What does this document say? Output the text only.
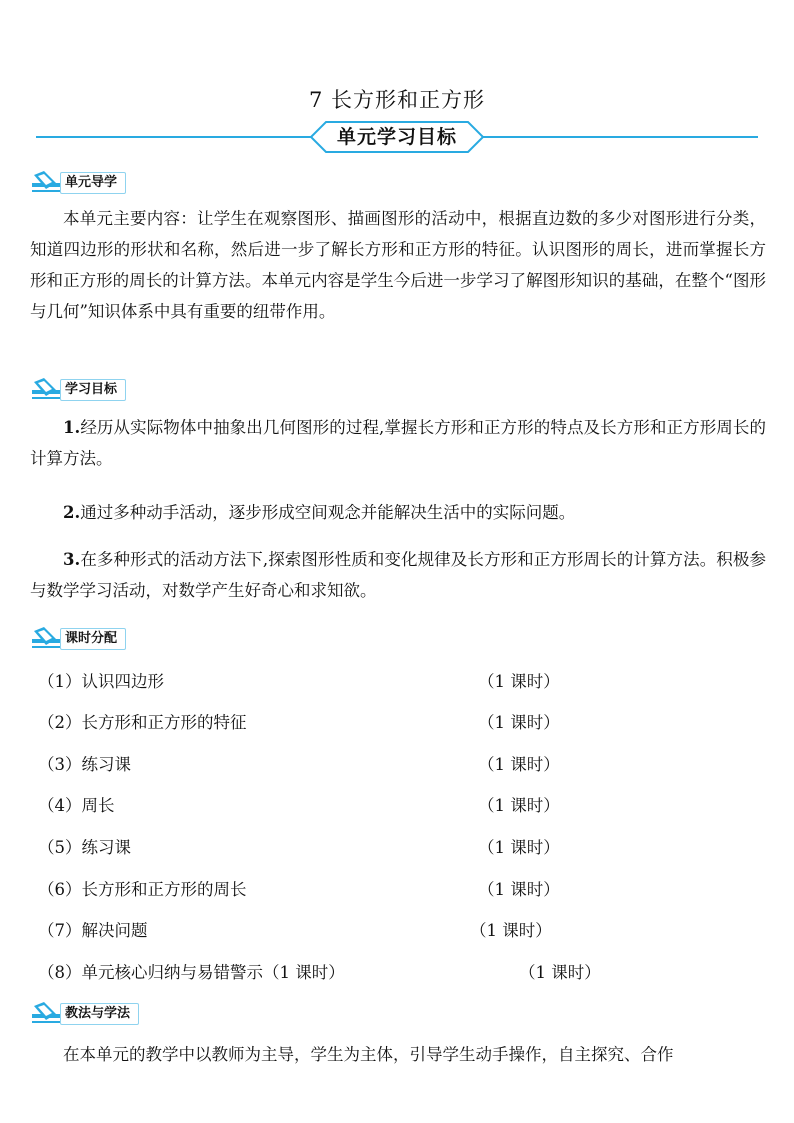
7 长方形和正方形
单元学习目标
单元导学

本单元主要内容：让学生在观察图形、描画图形的活动中，根据直边数的多少对图形进行分类，知道四边形的形状和名称，然后进一步了解长方形和正方形的特征。认识图形的周长，进而掌握长方形和正方形的周长的计算方法。本单元内容是学生今后进一步学习了解图形知识的基础，在整个“图形与几何”知识体系中具有重要的纽带作用。

学习目标

1.经历从实际物体中抽象出几何图形的过程,掌握长方形和正方形的特点及长方形和正方形周长的计算方法。

2.通过多种动手活动，逐步形成空间观念并能解决生活中的实际问题。

3.在多种形式的活动方法下,探索图形性质和变化规律及长方形和正方形周长的计算方法。积极参与数学学习活动，对数学产生好奇心和求知欲。

课时分配
（1）认识四边形	（1 课时）
（2）长方形和正方形的特征	（1 课时）
（3）练习课	（1 课时）
（4）周长	（1 课时）
（5）练习课	（1 课时）
（6）长方形和正方形的周长	（1 课时）
（7）解决问题	（1 课时）
（8）单元核心归纳与易错警示（1 课时）	（1 课时）
教法与学法

在本单元的教学中以教师为主导，学生为主体，引导学生动手操作，自主探究、合作
